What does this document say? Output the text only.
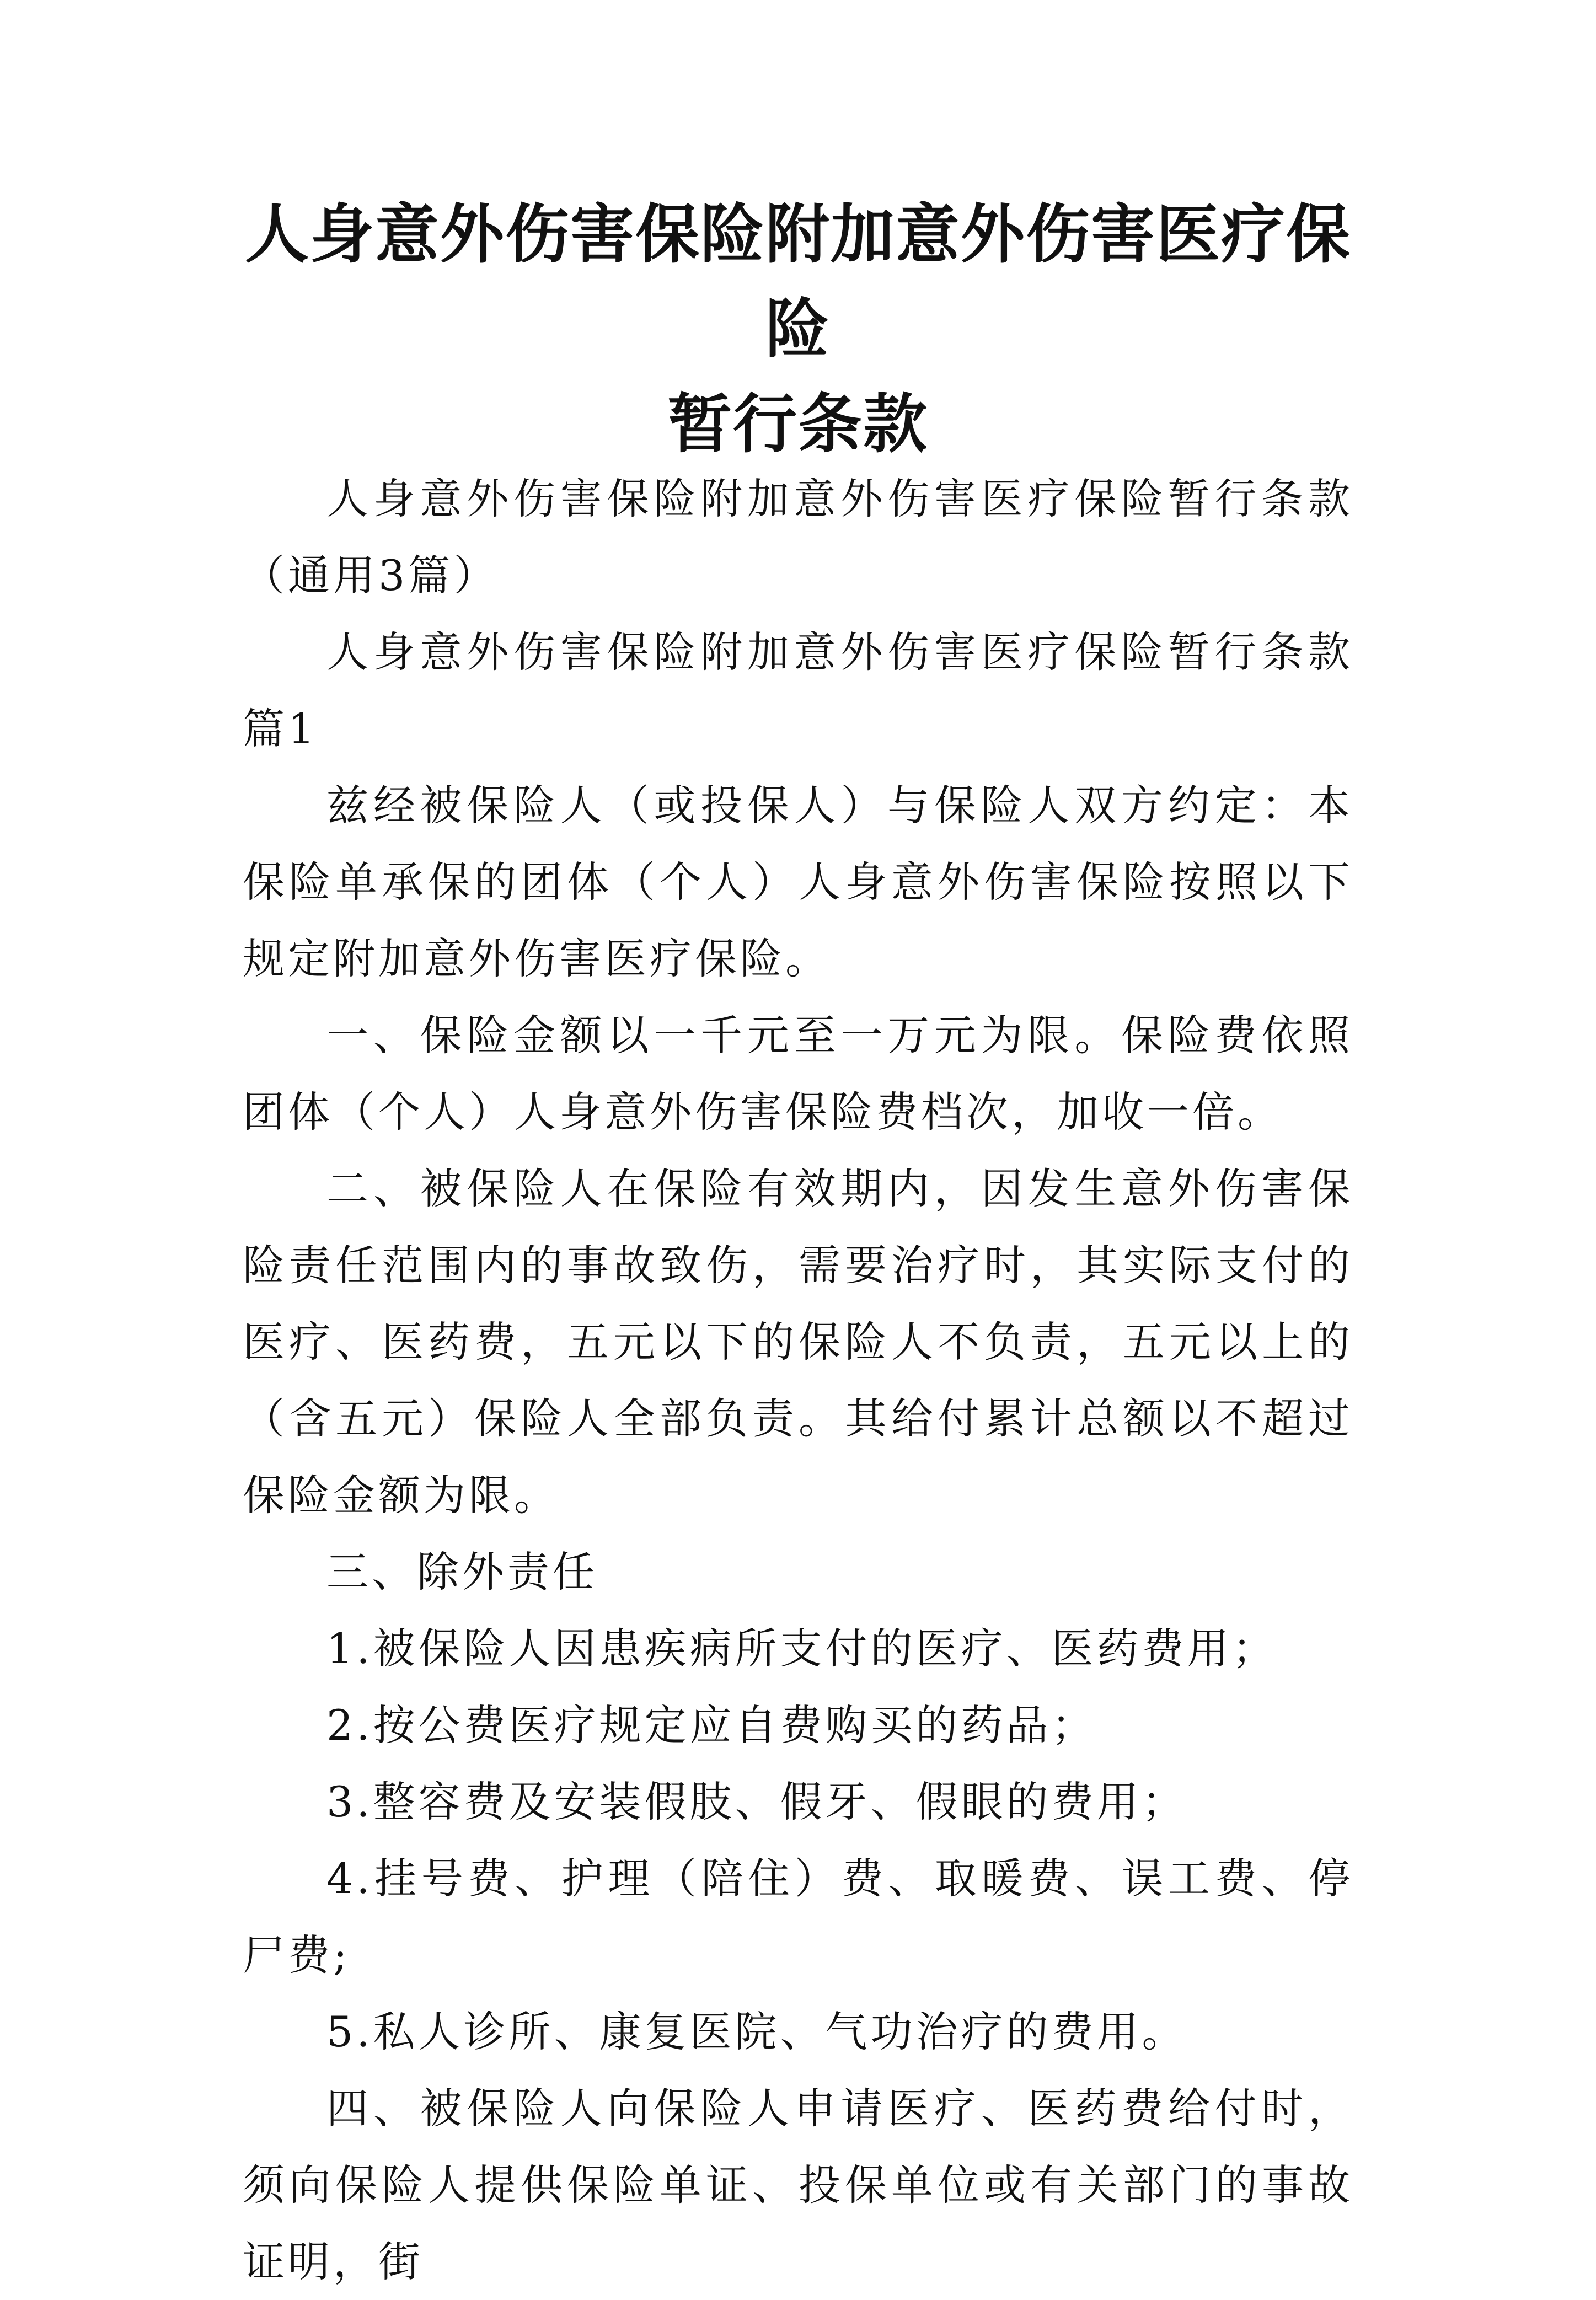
人身意外伤害保险附加意外伤害医疗保险
暂行条款

人身意外伤害保险附加意外伤害医疗保险暂行条款（通用3篇）

人身意外伤害保险附加意外伤害医疗保险暂行条款 篇1

兹经被保险人（或投保人）与保险人双方约定：本保险单承保的团体（个人）人身意外伤害保险按照以下规定附加意外伤害医疗保险。

一、保险金额以一千元至一万元为限。保险费依照团体（个人）人身意外伤害保险费档次，加收一倍。

二、被保险人在保险有效期内，因发生意外伤害保险责任范围内的事故致伤，需要治疗时，其实际支付的医疗、医药费，五元以下的保险人不负责，五元以上的（含五元）保险人全部负责。其给付累计总额以不超过保险金额为限。

三、除外责任

1.被保险人因患疾病所支付的医疗、医药费用；

2.按公费医疗规定应自费购买的药品；

3.整容费及安装假肢、假牙、假眼的费用；

4.挂号费、护理（陪住）费、取暖费、误工费、停尸费;

5.私人诊所、康复医院、气功治疗的费用。

四、被保险人向保险人申请医疗、医药费给付时，须向保险人提供保险单证、投保单位或有关部门的事故证明，街
